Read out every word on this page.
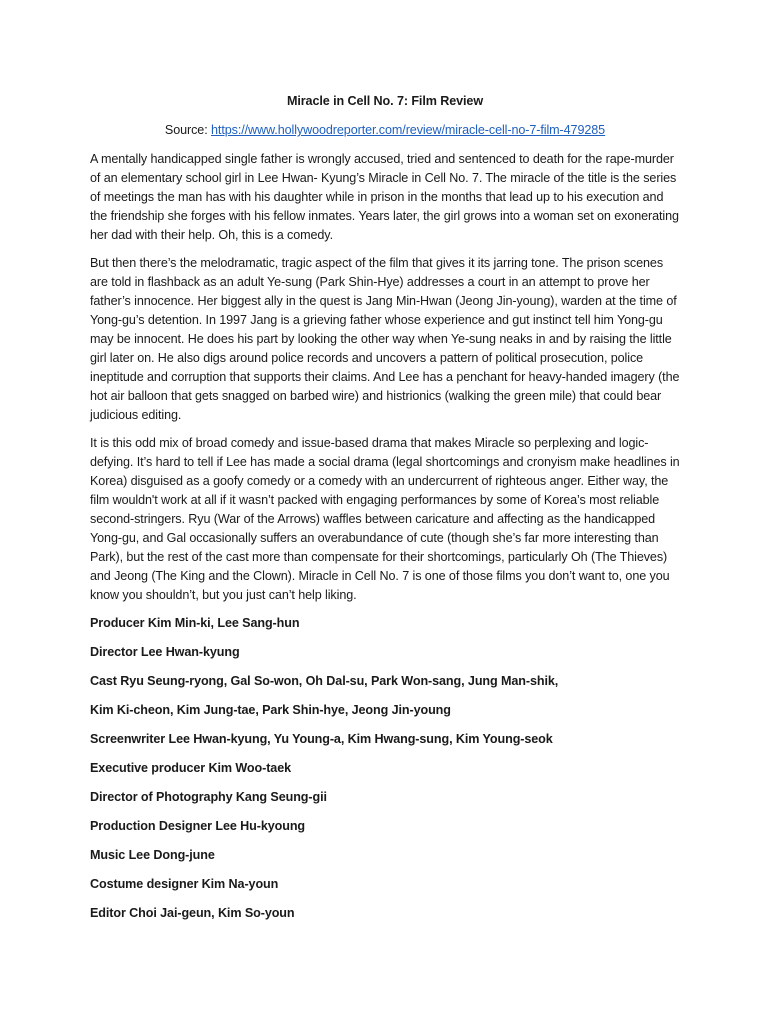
Miracle in Cell No. 7: Film Review
Source: https://www.hollywoodreporter.com/review/miracle-cell-no-7-film-479285

A mentally handicapped single father is wrongly accused, tried and sentenced to death for the rape-murder of an elementary school girl in Lee Hwan- Kyung’s Miracle in Cell No. 7. The miracle of the title is the series of meetings the man has with his daughter while in prison in the months that lead up to his execution and the friendship she forges with his fellow inmates. Years later, the girl grows into a woman set on exonerating her dad with their help. Oh, this is a comedy.

But then there’s the melodramatic, tragic aspect of the film that gives it its jarring tone. The prison scenes are told in flashback as an adult Ye-sung (Park Shin-Hye) addresses a court in an attempt to prove her father’s innocence. Her biggest ally in the quest is Jang Min-Hwan (Jeong Jin-young), warden at the time of Yong-gu’s detention. In 1997 Jang is a grieving father whose experience and gut instinct tell him Yong-gu may be innocent. He does his part by looking the other way when Ye-sung neaks in and by raising the little girl later on. He also digs around police records and uncovers a pattern of political prosecution, police ineptitude and corruption that supports their claims. And Lee has a penchant for heavy-handed imagery (the hot air balloon that gets snagged on barbed wire) and histrionics (walking the green mile) that could bear judicious editing.

It is this odd mix of broad comedy and issue-based drama that makes Miracle so perplexing and logic-defying. It’s hard to tell if Lee has made a social drama (legal shortcomings and cronyism make headlines in Korea) disguised as a goofy comedy or a comedy with an undercurrent of righteous anger. Either way, the film wouldn't work at all if it wasn’t packed with engaging performances by some of Korea’s most reliable second-stringers. Ryu (War of the Arrows) waffles between caricature and affecting as the handicapped Yong-gu, and Gal occasionally suffers an overabundance of cute (though she’s far more interesting than Park), but the rest of the cast more than compensate for their shortcomings, particularly Oh (The Thieves) and Jeong (The King and the Clown). Miracle in Cell No. 7 is one of those films you don’t want to, one you know you shouldn’t, but you just can’t help liking.

Producer Kim Min-ki, Lee Sang-hun
Director Lee Hwan-kyung
Cast Ryu Seung-ryong, Gal So-won, Oh Dal-su, Park Won-sang, Jung Man-shik,
Kim Ki-cheon, Kim Jung-tae, Park Shin-hye, Jeong Jin-young
Screenwriter Lee Hwan-kyung, Yu Young-a, Kim Hwang-sung, Kim Young-seok
Executive producer Kim Woo-taek
Director of Photography Kang Seung-gii
Production Designer Lee Hu-kyoung
Music Lee Dong-june
Costume designer Kim Na-youn
Editor Choi Jai-geun, Kim So-youn
